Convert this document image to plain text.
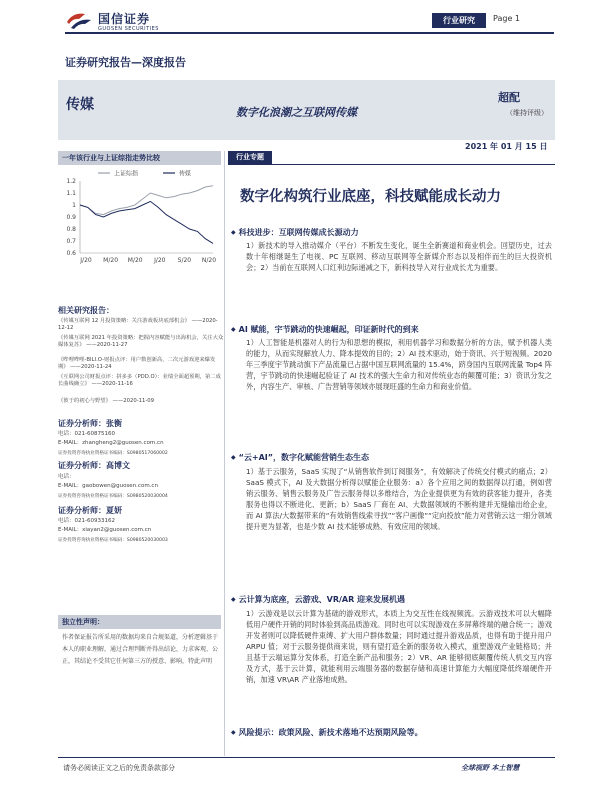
国信证券
GUOSEN SECURITIES
行业研究	Page 1
证券研究报告—深度报告
传媒	数字化浪潮之互联网传媒
超配
（维持评级）
2021 年 01 月 15 日
一年该行业与上证综指走势比较
上证综指	传媒
1.2
1.1
1
0.9
0.8
0.7
0.6
J/20 M/20 M/20 J/20 S/20 N/20
相关研究报告：
《传媒互联网 12 月投资策略：关注游戏板块底部机会》 ——2020-12-12
《传媒互联网 2021 年投资策略：把握内容赋能与出海机会，关注大众媒体复苏》 ——2020-11-27
《哔哩哔哩-BILI.O-财报点评：用户数创新高，二次元游戏迎来爆发期》 ——2020-11-24
《互联网公司财报点评：拼多多（PDD.O）：业绩全面超预期，第二成长曲线确立》 ——2020-11-16
《彼于的初心与野望》 ——2020-11-09
证券分析师：张衡
电话：021-60875160
E-MAIL：zhangheng2@guosen.com.cn
证券投资咨询执业资格证书编码：S0980517060002
证券分析师：高博文
电话：
E-MAIL：gaobowen@guosen.com.cn
证券投资咨询执业资格证书编码：S0980520030004
证券分析师：夏妍
电话：021-60933162
E-MAIL：xiayan2@guosen.com.cn
证券投资咨询执业资格证书编码：S0980520030003
独立性声明：
作者保证报告所采用的数据均来自合规渠道，分析逻辑基于本人的职业理解，通过合理判断并得出结论，力求客观、公正，其结论不受其它任何第三方的授意、影响，特此声明
行业专题
数字化构筑行业底座，科技赋能成长动力
◆ 科技进步：互联网传媒成长源动力
1）新技术的导入推动媒介（平台）不断发生变化，诞生全新赛道和商业机会。回望历史，过去数十年相继诞生了电视、PC 互联网、移动互联网等全新媒介形态以及相伴而生的巨大投资机会；2）当前在互联网人口红利边际递减之下，新科技导入对行业成长尤为重要。
◆ AI 赋能，宇节跳动的快速崛起，印证新时代的到来
1）人工智能是机器对人的行为和思想的模拟，利用机器学习和数据分析的方法，赋予机器人类的能力，从而实现解放人力、降本提效的目的；2）AI 技术驱动，始于资讯、兴于短视频。2020 年三季度宇节跳动旗下产品流量已占据中国互联网流量的 15.4%，跻身国内互联网流量 Top4 阵营，宇节跳动的快速崛起验证了 AI 技术的强大生命力和对传统业态的颠覆可能；3）资讯分发之外，内容生产、审核、广告营销等领域亦展现旺盛的生命力和商业价值。
◆ “云+AI”，数字化赋能营销生态生态
1）基于云服务，SaaS 实现了“从销售软件到订阅服务”，有效解决了传统交付模式的痛点；2）SaaS 模式下，AI 及大数据分析得以赋能企业服务：a）各个应用之间的数据得以打通，例如营销云服务、销售云服务及广告云服务得以多维结合，为企业提供更为有效的获客能力提升，各类服务也得以不断进化、更新；b）SaaS 厂商在 AI、大数据领域的不断构建并无缝输出给企业，而 AI 算法/大数据带来的“有效销售线索寻找”“客户画像”“定向投放”能力对营销云这一细分领域提升更为显著，也是少数 AI 技术能够成熟、有效应用的领域。
◆ 云计算为底座，云游戏、VR/AR 迎来发展机遇
1）云游戏是以云计算为基础的游戏形式，本质上为交互性在线视频流。云游戏技术可以大幅降低用户硬件开销的同时体验到高品质游戏。同时也可以实现游戏在多屏幕终端的融合统一；游戏开发者则可以降低硬件束缚、扩大用户群体数量；同时通过提升游戏品质，也得有助于提升用户 ARPU 值；对于云服务提供商来说，则有望打造全新的服务收入模式，重塑游戏产业链格局；并且基于云端运算分发体系，打造全新产品和服务；2）VR、AR 能够彻底颠覆传统人机交互内容及方式，基于云计算，就能利用云端服务器的数据存储和高速计算能力大幅度降低终端硬件开销，加速 VR\AR 产业落地成熟。
◆ 风险提示：政策风险、新技术落地不达预期风险等。
请务必阅读正文之后的免责条款部分	全球视野 本土智慧
